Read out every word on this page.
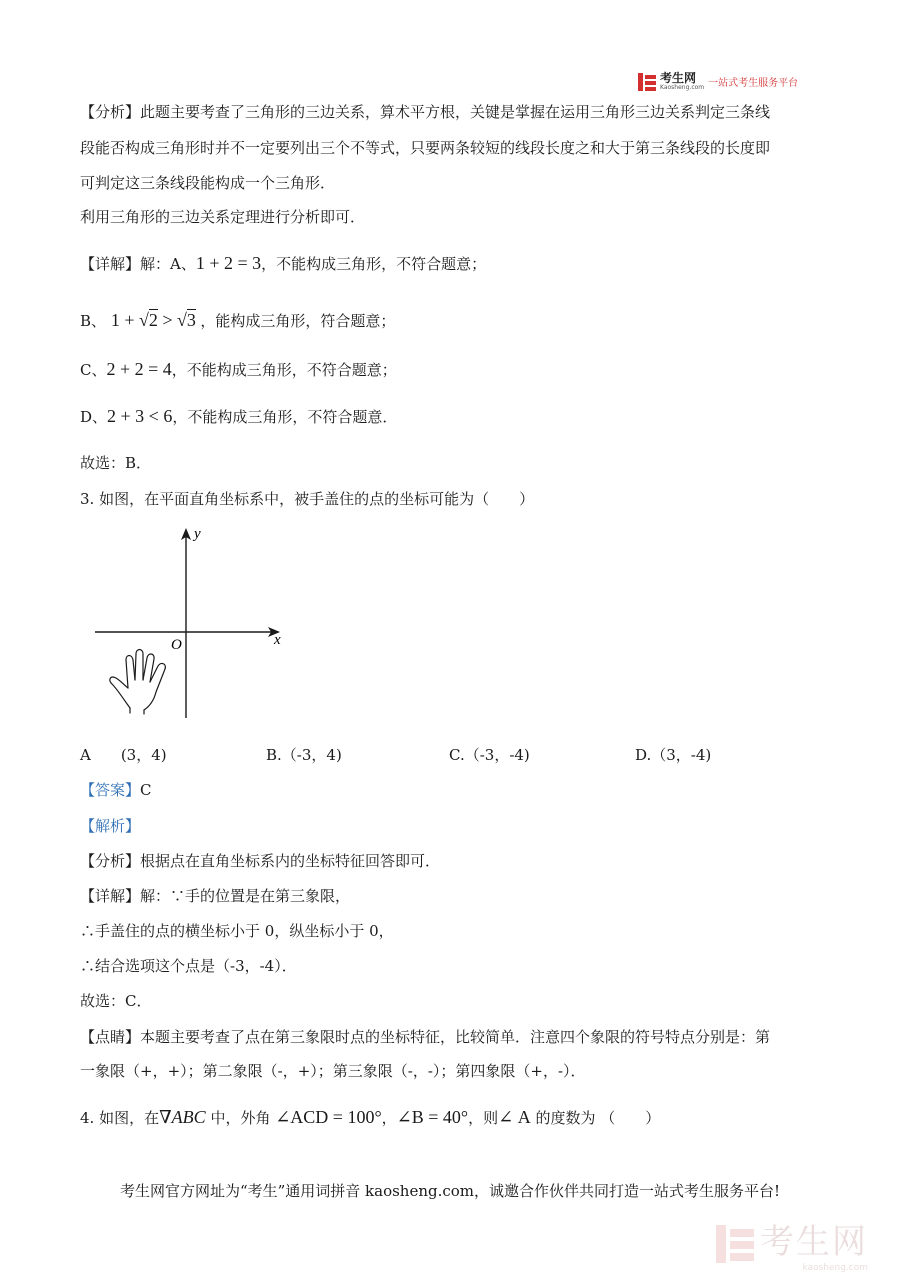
考生网
Kaosheng.com 一站式考生服务平台
【分析】此题主要考查了三角形的三边关系，算术平方根，关键是掌握在运用三角形三边关系判定三条线
段能否构成三角形时并不一定要列出三个不等式，只要两条较短的线段长度之和大于第三条线段的长度即
可判定这三条线段能构成一个三角形．
利用三角形的三边关系定理进行分析即可．
【详解】解：A、1 + 2 = 3，不能构成三角形，不符合题意；
B、 1 + √2 > √3 ，能构成三角形，符合题意；
C、2 + 2 = 4，不能构成三角形，不符合题意；
D、2 + 3 < 6，不能构成三角形，不符合题意．
故选：B．
3. 如图，在平面直角坐标系中，被手盖住的点的坐标可能为（　　）
y
x
O
A　　(3，4)	B.（-3，4)	C.（-3，-4)	D.（3，-4)
【答案】C
【解析】
【分析】根据点在直角坐标系内的坐标特征回答即可．
【详解】解：∵手的位置是在第三象限，
∴手盖住的点的横坐标小于 0，纵坐标小于 0，
∴结合选项这个点是（-3，-4）．
故选：C．
【点睛】本题主要考查了点在第三象限时点的坐标特征，比较简单．注意四个象限的符号特点分别是：第
一象限（+，+）；第二象限（-，+）；第三象限（-，-）；第四象限（+，-）．
4. 如图，在∇ABC 中，外角 ∠ACD = 100°，∠B = 40°，则∠ A 的度数为 （　　）
考生网官方网址为“考生”通用词拼音 kaosheng.com，诚邀合作伙伴共同打造一站式考生服务平台!
考生网
kaosheng.com
